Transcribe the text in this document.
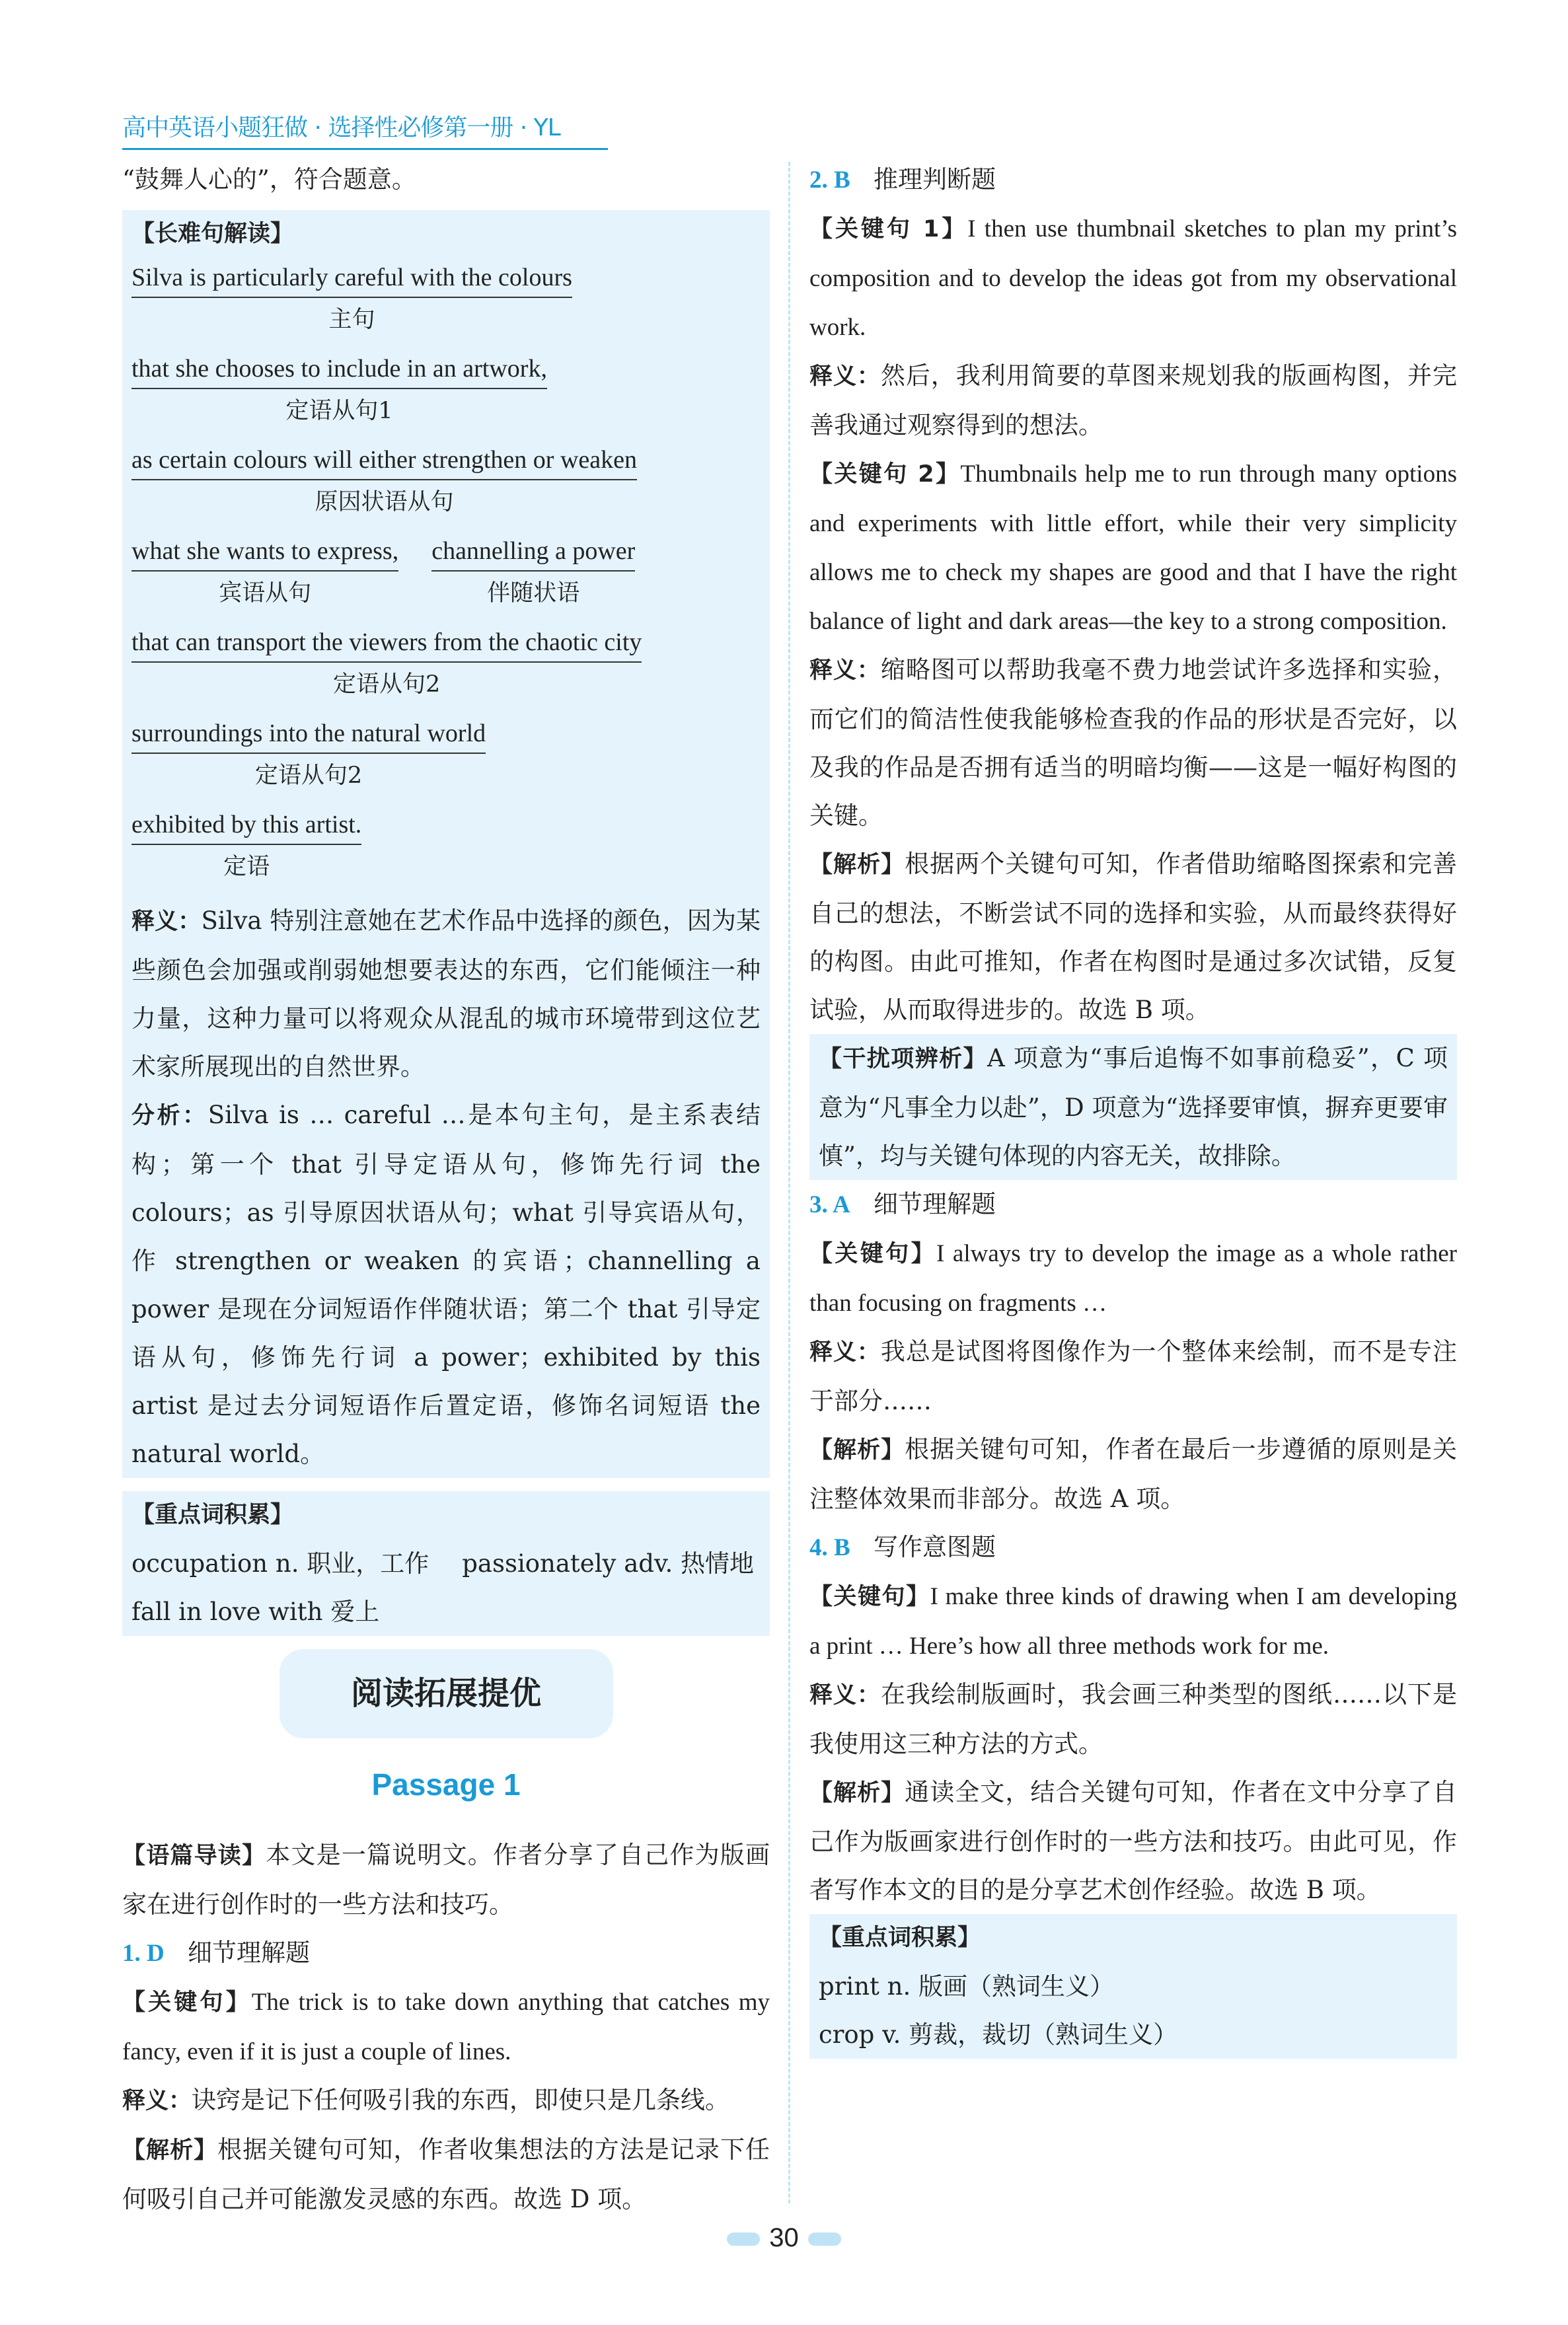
高中英语小题狂做 · 选择性必修第一册 · YL

“鼓舞人心的”，符合题意。

【长难句解读】
Silva is particularly careful with the colours
主句
that she chooses to include in an artwork,
定语从句1
as certain colours will either strengthen or weaken
原因状语从句
what she wants to express,
宾语从句
channelling a power
伴随状语
that can transport the viewers from the chaotic city
定语从句2
surroundings into the natural world
定语从句2
exhibited by this artist.
定语

释义：Silva 特别注意她在艺术作品中选择的颜色，因为某些颜色会加强或削弱她想要表达的东西，它们能倾注一种力量，这种力量可以将观众从混乱的城市环境带到这位艺术家所展现出的自然世界。

分析：Silva is … careful …是本句主句，是主系表结构；第一个 that 引导定语从句，修饰先行词 the colours；as 引导原因状语从句；what 引导宾语从句，作 strengthen or weaken 的宾语；channelling a power 是现在分词短语作伴随状语；第二个 that 引导定语从句，修饰先行词 a power；exhibited by this artist 是过去分词短语作后置定语，修饰名词短语 the natural world。

【重点词积累】
occupation n. 职业，工作 passionately adv. 热情地
fall in love with 爱上
阅读拓展提优
Passage 1

【语篇导读】本文是一篇说明文。作者分享了自己作为版画家在进行创作时的一些方法和技巧。

1. D 细节理解题

【关键句】The trick is to take down anything that catches my fancy, even if it is just a couple of lines.

释义：诀窍是记下任何吸引我的东西，即使只是几条线。

【解析】根据关键句可知，作者收集想法的方法是记录下任何吸引自己并可能激发灵感的东西。故选 D 项。

2. B 推理判断题

【关键句 1】I then use thumbnail sketches to plan my print’s composition and to develop the ideas got from my observational work.

释义：然后，我利用简要的草图来规划我的版画构图，并完善我通过观察得到的想法。

【关键句 2】Thumbnails help me to run through many options and experiments with little effort, while their very simplicity allows me to check my shapes are good and that I have the right balance of light and dark areas—the key to a strong composition.

释义：缩略图可以帮助我毫不费力地尝试许多选择和实验，而它们的简洁性使我能够检查我的作品的形状是否完好，以及我的作品是否拥有适当的明暗均衡——这是一幅好构图的关键。

【解析】根据两个关键句可知，作者借助缩略图探索和完善自己的想法，不断尝试不同的选择和实验，从而最终获得好的构图。由此可推知，作者在构图时是通过多次试错，反复试验，从而取得进步的。故选 B 项。

【干扰项辨析】A 项意为“事后追悔不如事前稳妥”，C 项意为“凡事全力以赴”，D 项意为“选择要审慎，摒弃更要审慎”，均与关键句体现的内容无关，故排除。

3. A 细节理解题

【关键句】I always try to develop the image as a whole rather than focusing on fragments …

释义：我总是试图将图像作为一个整体来绘制，而不是专注于部分……

【解析】根据关键句可知，作者在最后一步遵循的原则是关注整体效果而非部分。故选 A 项。

4. B 写作意图题

【关键句】I make three kinds of drawing when I am developing a print … Here’s how all three methods work for me.

释义：在我绘制版画时，我会画三种类型的图纸……以下是我使用这三种方法的方式。

【解析】通读全文，结合关键句可知，作者在文中分享了自己作为版画家进行创作时的一些方法和技巧。由此可见，作者写作本文的目的是分享艺术创作经验。故选 B 项。

【重点词积累】
print n. 版画（熟词生义）
crop v. 剪裁，裁切（熟词生义）
30
